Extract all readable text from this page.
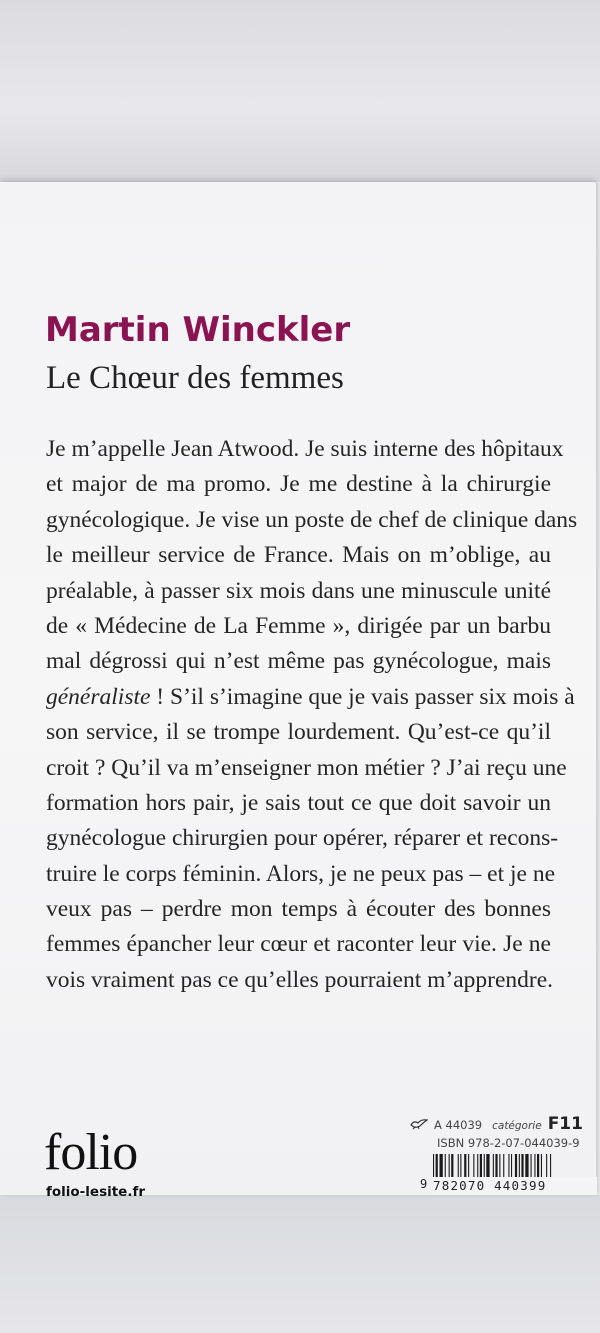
Martin Winckler
Le Chœur des femmes
Je m’appelle Jean Atwood. Je suis interne des hôpitaux
et major de ma promo. Je me destine à la chirurgie
gynécologique. Je vise un poste de chef de clinique dans
le meilleur service de France. Mais on m’oblige, au
préalable, à passer six mois dans une minuscule unité
de « Médecine de La Femme », dirigée par un barbu
mal dégrossi qui n’est même pas gynécologue, mais
généraliste ! S’il s’imagine que je vais passer six mois à
son service, il se trompe lourdement. Qu’est-ce qu’il
croit ? Qu’il va m’enseigner mon métier ? J’ai reçu une
formation hors pair, je sais tout ce que doit savoir un
gynécologue chirurgien pour opérer, réparer et recons-
truire le corps féminin. Alors, je ne peux pas – et je ne
veux pas – perdre mon temps à écouter des bonnes
femmes épancher leur cœur et raconter leur vie. Je ne
vois vraiment pas ce qu’elles pourraient m’apprendre.
folio
folio-lesite.fr
A 44039 catégorie F11
ISBN 978-2-07-044039-9
9 782070 440399
